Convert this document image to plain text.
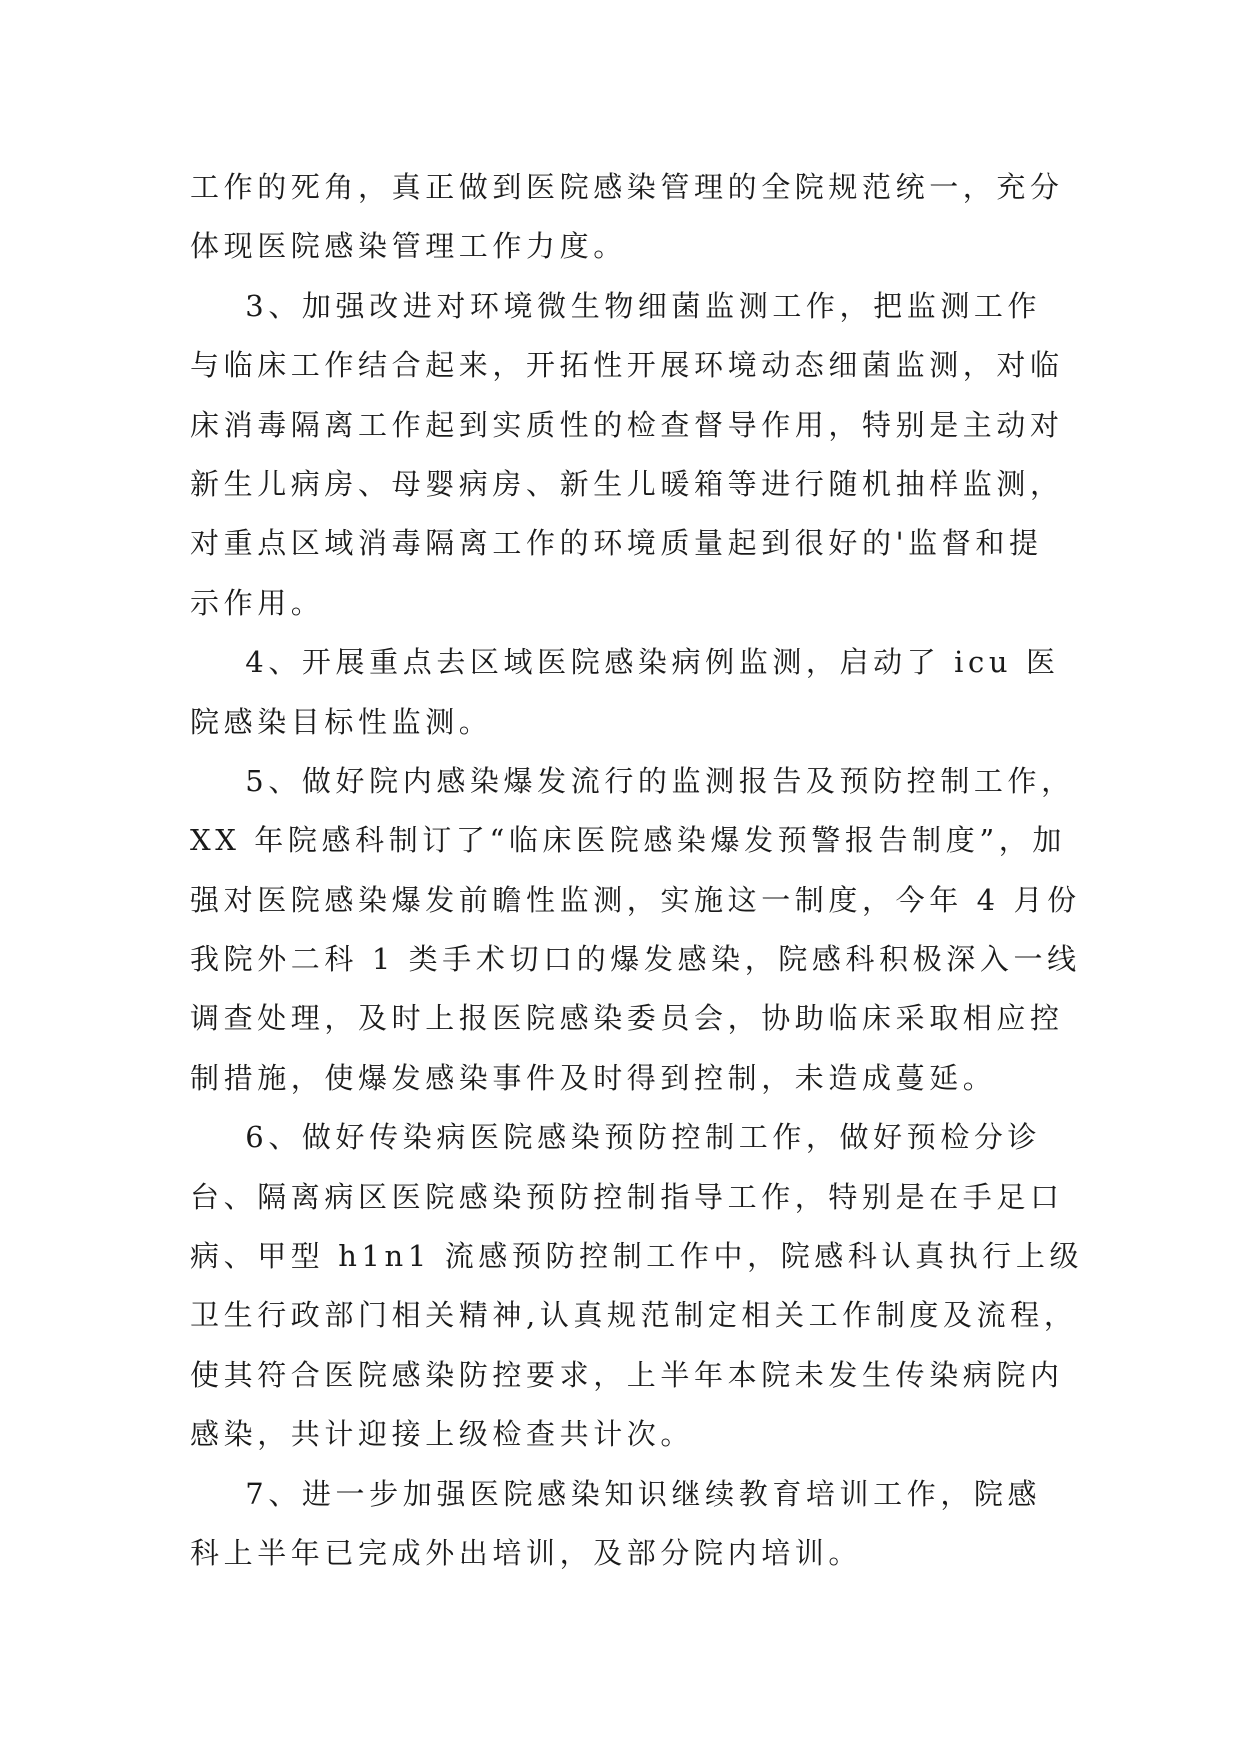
工作的死角，真正做到医院感染管理的全院规范统一，充分
体现医院感染管理工作力度。
3、加强改进对环境微生物细菌监测工作，把监测工作
与临床工作结合起来，开拓性开展环境动态细菌监测，对临
床消毒隔离工作起到实质性的检查督导作用，特别是主动对
新生儿病房、母婴病房、新生儿暖箱等进行随机抽样监测，
对重点区域消毒隔离工作的环境质量起到很好的'监督和提
示作用。
4、开展重点去区域医院感染病例监测，启动了 icu 医
院感染目标性监测。
5、做好院内感染爆发流行的监测报告及预防控制工作，
XX 年院感科制订了“临床医院感染爆发预警报告制度”，加
强对医院感染爆发前瞻性监测，实施这一制度，今年 4 月份
我院外二科 1 类手术切口的爆发感染，院感科积极深入一线
调查处理，及时上报医院感染委员会，协助临床采取相应控
制措施，使爆发感染事件及时得到控制，未造成蔓延。
6、做好传染病医院感染预防控制工作，做好预检分诊
台、隔离病区医院感染预防控制指导工作，特别是在手足口
病、甲型 h1n1 流感预防控制工作中，院感科认真执行上级
卫生行政部门相关精神,认真规范制定相关工作制度及流程，
使其符合医院感染防控要求，上半年本院未发生传染病院内
感染，共计迎接上级检查共计次。
7、进一步加强医院感染知识继续教育培训工作，院感
科上半年已完成外出培训，及部分院内培训。
